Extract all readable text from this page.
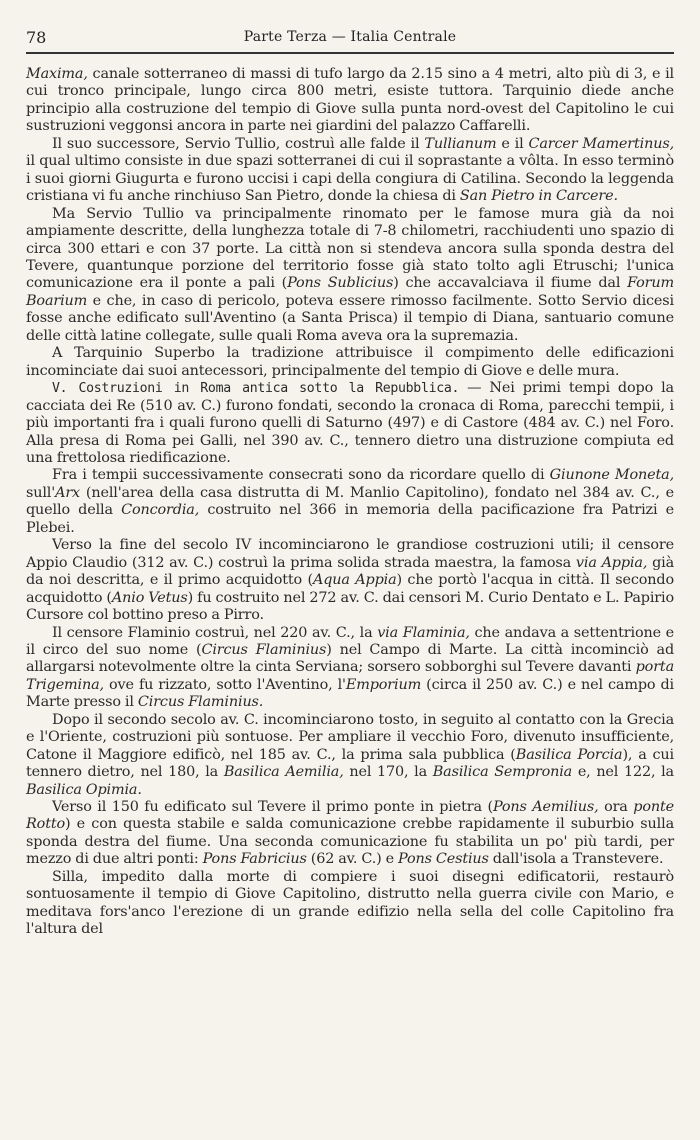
78	Parte Terza — Italia Centrale

Maxima, canale sotterraneo di massi di tufo largo da 2.15 sino a 4 metri, alto più di 3, e il cui tronco principale, lungo circa 800 metri, esiste tuttora. Tarquinio diede anche principio alla costruzione del tempio di Giove sulla punta nord-ovest del Capitolino le cui sustruzioni veggonsi ancora in parte nei giardini del palazzo Caffarelli.

Il suo successore, Servio Tullio, costruì alle falde il Tullianum e il Carcer Mamertinus, il qual ultimo consiste in due spazi sotterranei di cui il soprastante a vôlta. In esso terminò i suoi giorni Giugurta e furono uccisi i capi della congiura di Catilina. Secondo la leggenda cristiana vi fu anche rinchiuso San Pietro, donde la chiesa di San Pietro in Carcere.

Ma Servio Tullio va principalmente rinomato per le famose mura già da noi ampiamente descritte, della lunghezza totale di 7-8 chilometri, racchiudenti uno spazio di circa 300 ettari e con 37 porte. La città non si stendeva ancora sulla sponda destra del Tevere, quantunque porzione del territorio fosse già stato tolto agli Etruschi; l'unica comunicazione era il ponte a pali (Pons Sublicius) che accavalciava il fiume dal Forum Boarium e che, in caso di pericolo, poteva essere rimosso facilmente. Sotto Servio dicesi fosse anche edificato sull'Aventino (a Santa Prisca) il tempio di Diana, santuario comune delle città latine collegate, sulle quali Roma aveva ora la supremazia.

A Tarquinio Superbo la tradizione attribuisce il compimento delle edificazioni incominciate dai suoi antecessori, principalmente del tempio di Giove e delle mura.

V. Costruzioni in Roma antica sotto la Repubblica. — Nei primi tempi dopo la cacciata dei Re (510 av. C.) furono fondati, secondo la cronaca di Roma, parecchi tempii, i più importanti fra i quali furono quelli di Saturno (497) e di Castore (484 av. C.) nel Foro. Alla presa di Roma pei Galli, nel 390 av. C., tennero dietro una distruzione compiuta ed una frettolosa riedificazione.

Fra i tempii successivamente consecrati sono da ricordare quello di Giunone Moneta, sull'Arx (nell'area della casa distrutta di M. Manlio Capitolino), fondato nel 384 av. C., e quello della Concordia, costruito nel 366 in memoria della pacificazione fra Patrizi e Plebei.

Verso la fine del secolo IV incominciarono le grandiose costruzioni utili; il censore Appio Claudio (312 av. C.) costruì la prima solida strada maestra, la famosa via Appia, già da noi descritta, e il primo acquidotto (Aqua Appia) che portò l'acqua in città. Il secondo acquidotto (Anio Vetus) fu costruito nel 272 av. C. dai censori M. Curio Dentato e L. Papirio Cursore col bottino preso a Pirro.

Il censore Flaminio costruì, nel 220 av. C., la via Flaminia, che andava a settentrione e il circo del suo nome (Circus Flaminius) nel Campo di Marte. La città incominciò ad allargarsi notevolmente oltre la cinta Serviana; sorsero sobborghi sul Tevere davanti porta Trigemina, ove fu rizzato, sotto l'Aventino, l'Emporium (circa il 250 av. C.) e nel campo di Marte presso il Circus Flaminius.

Dopo il secondo secolo av. C. incominciarono tosto, in seguito al contatto con la Grecia e l'Oriente, costruzioni più sontuose. Per ampliare il vecchio Foro, divenuto insufficiente, Catone il Maggiore edificò, nel 185 av. C., la prima sala pubblica (Basilica Porcia), a cui tennero dietro, nel 180, la Basilica Aemilia, nel 170, la Basilica Sempronia e, nel 122, la Basilica Opimia.

Verso il 150 fu edificato sul Tevere il primo ponte in pietra (Pons Aemilius, ora ponte Rotto) e con questa stabile e salda comunicazione crebbe rapidamente il suburbio sulla sponda destra del fiume. Una seconda comunicazione fu stabilita un po' più tardi, per mezzo di due altri ponti: Pons Fabricius (62 av. C.) e Pons Cestius dall'isola a Transtevere.

Silla, impedito dalla morte di compiere i suoi disegni edificatorii, restaurò sontuosamente il tempio di Giove Capitolino, distrutto nella guerra civile con Mario, e meditava fors'anco l'erezione di un grande edifizio nella sella del colle Capitolino fra l'altura del
